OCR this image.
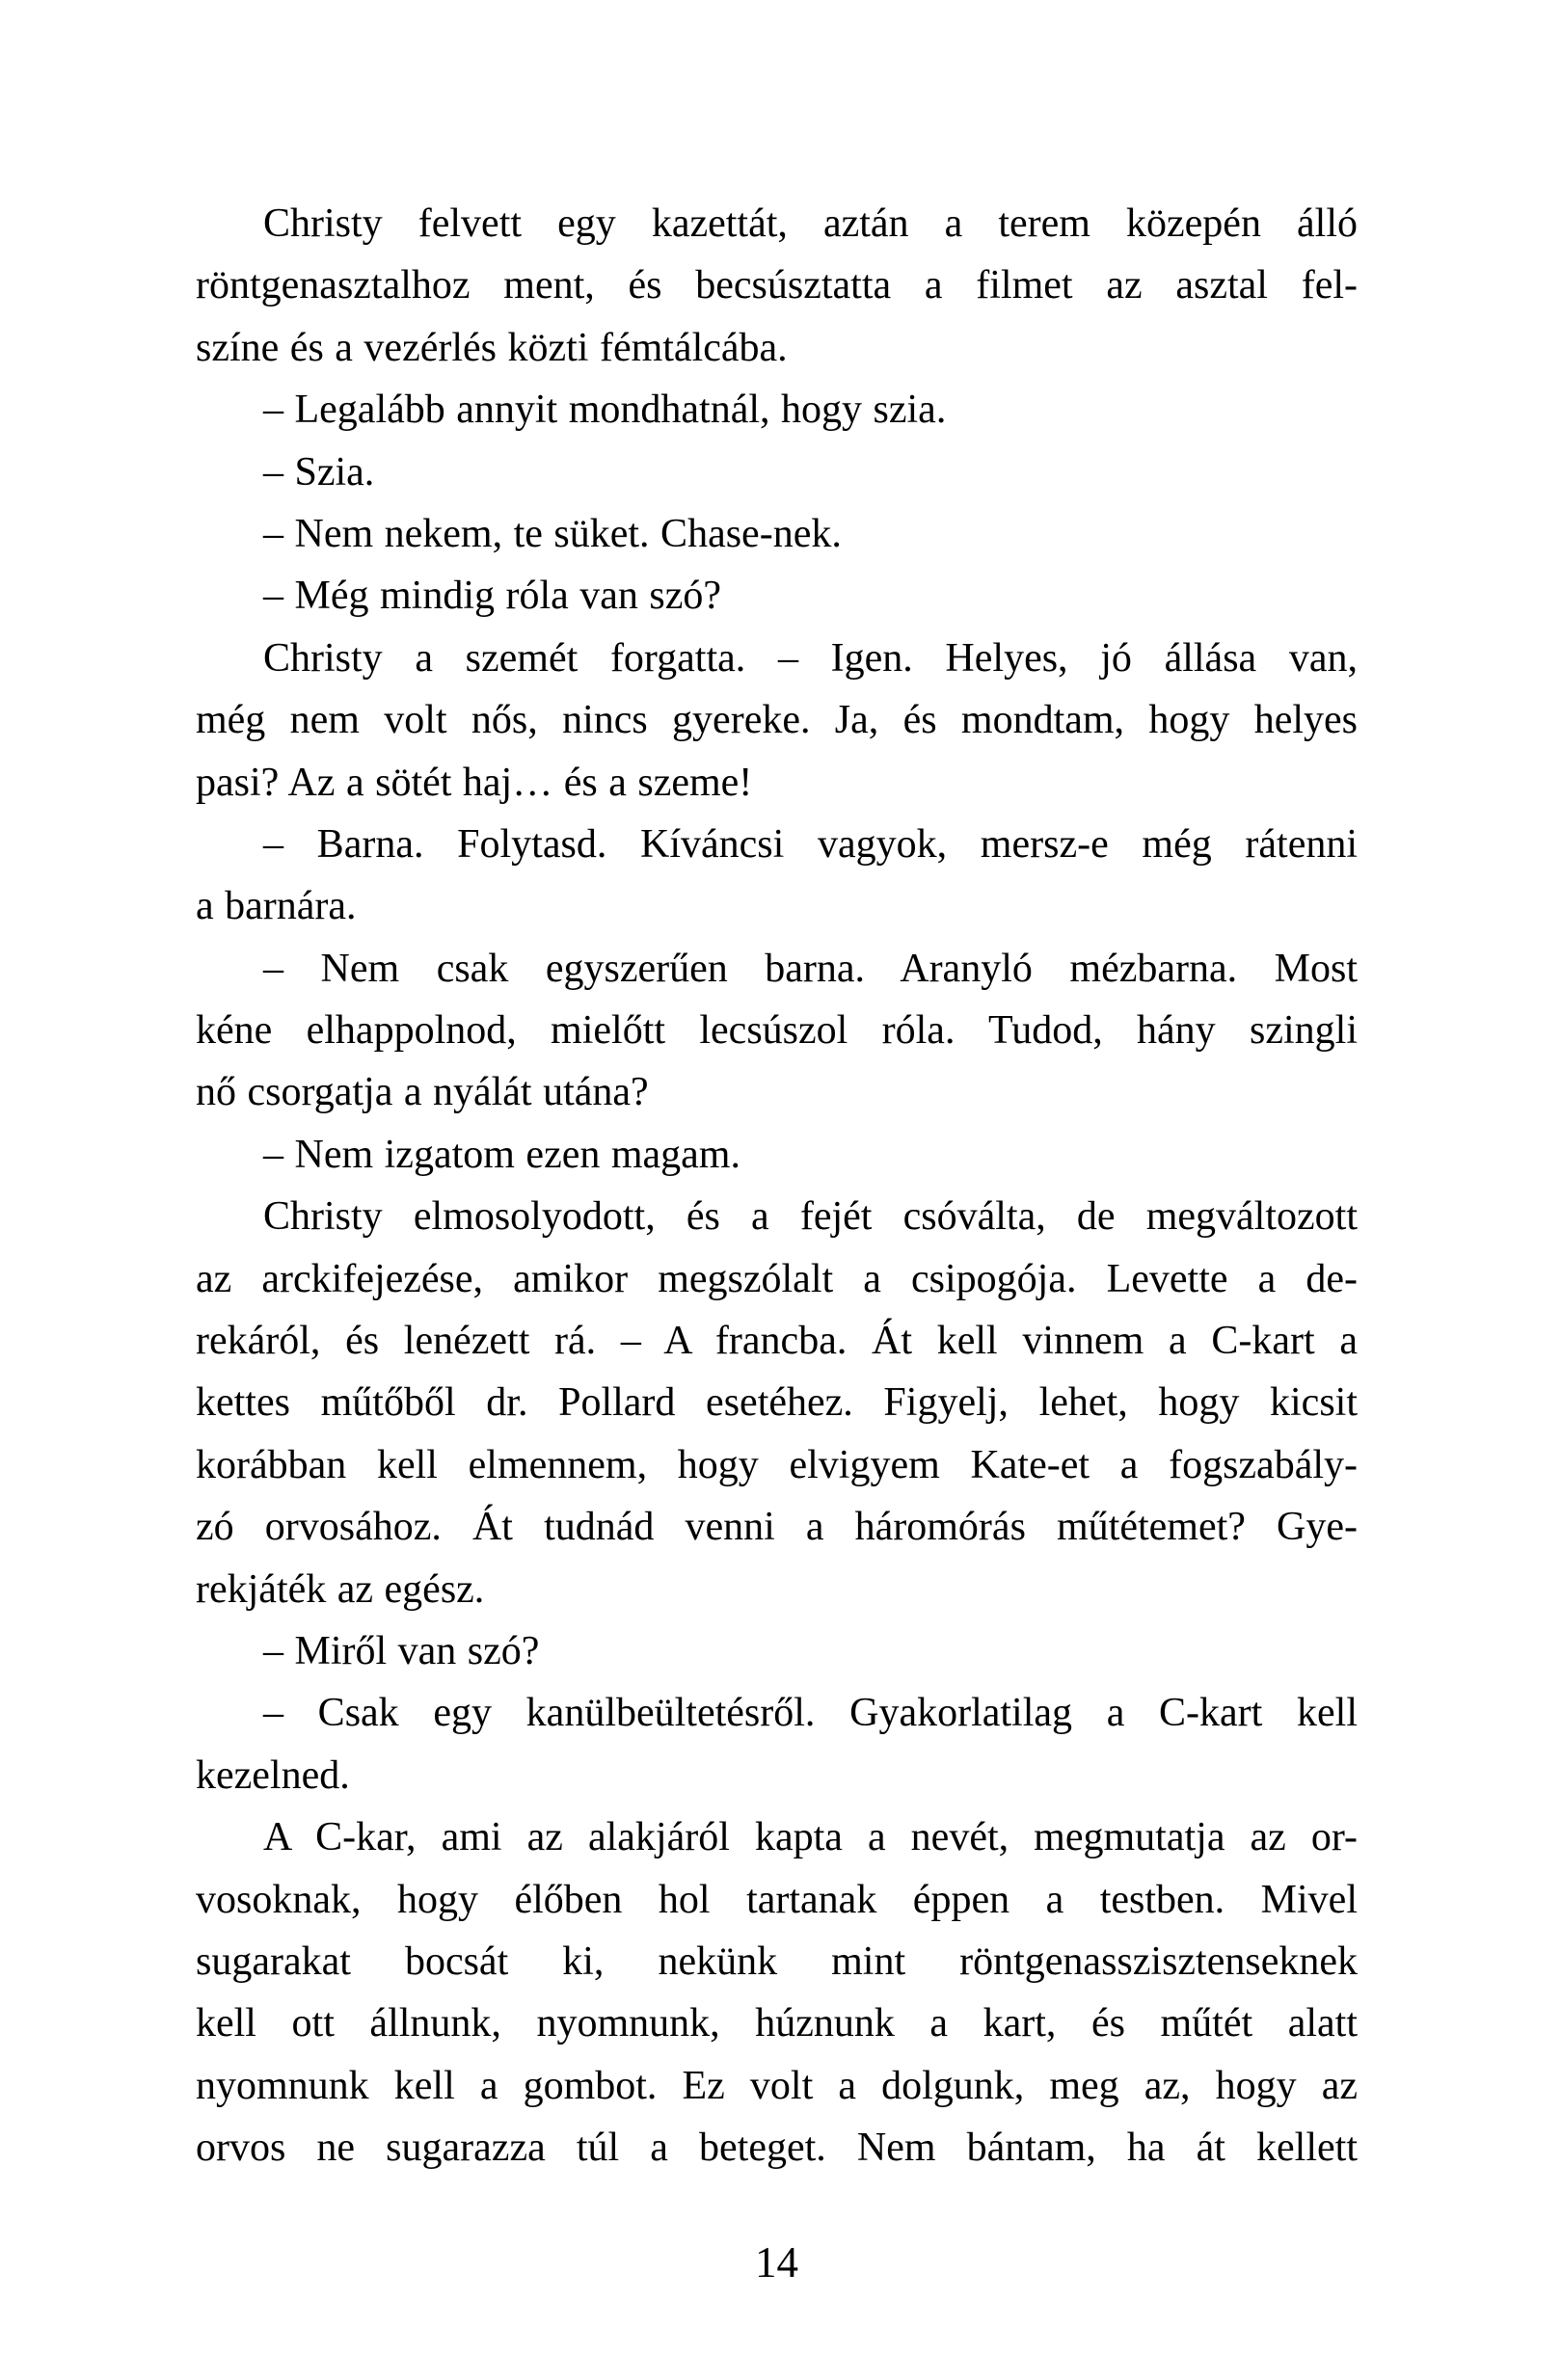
Christy felvett egy kazettát, aztán a terem közepén álló
röntgenasztalhoz ment, és becsúsztatta a filmet az asztal fel-
színe és a vezérlés közti fémtálcába.
– Legalább annyit mondhatnál, hogy szia.
– Szia.
– Nem nekem, te süket. Chase-nek.
– Még mindig róla van szó?
Christy a szemét forgatta. – Igen. Helyes, jó állása van,
még nem volt nős, nincs gyereke. Ja, és mondtam, hogy helyes
pasi? Az a sötét haj… és a szeme!
– Barna. Folytasd. Kíváncsi vagyok, mersz-e még rátenni
a barnára.
– Nem csak egyszerűen barna. Aranyló mézbarna. Most
kéne elhappolnod, mielőtt lecsúszol róla. Tudod, hány szingli
nő csorgatja a nyálát utána?
– Nem izgatom ezen magam.
Christy elmosolyodott, és a fejét csóválta, de megváltozott
az arckifejezése, amikor megszólalt a csipogója. Levette a de-
rekáról, és lenézett rá. – A francba. Át kell vinnem a C-kart a
kettes műtőből dr. Pollard esetéhez. Figyelj, lehet, hogy kicsit
korábban kell elmennem, hogy elvigyem Kate-et a fogszabály-
zó orvosához. Át tudnád venni a háromórás műtétemet? Gye-
rekjáték az egész.
– Miről van szó?
– Csak egy kanülbeültetésről. Gyakorlatilag a C-kart kell
kezelned.
A C-kar, ami az alakjáról kapta a nevét, megmutatja az or-
vosoknak, hogy élőben hol tartanak éppen a testben. Mivel
sugarakat bocsát ki, nekünk mint röntgenasszisztenseknek
kell ott állnunk, nyomnunk, húznunk a kart, és műtét alatt
nyomnunk kell a gombot. Ez volt a dolgunk, meg az, hogy az
orvos ne sugarazza túl a beteget. Nem bántam, ha át kellett
14
